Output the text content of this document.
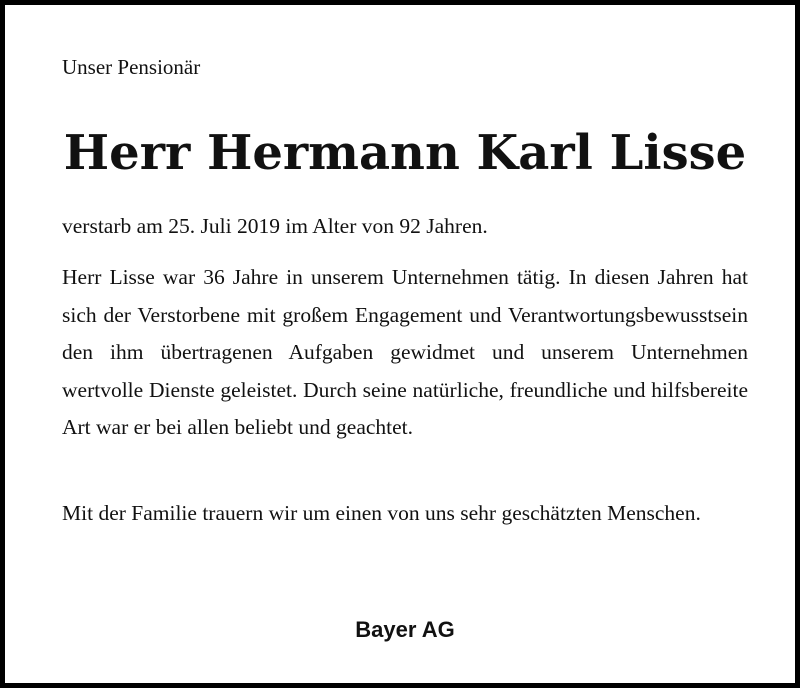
Unser Pensionär

Herr Hermann Karl Lisse

verstarb am 25. Juli 2019 im Alter von 92 Jahren.

Herr Lisse war 36 Jahre in unserem Unternehmen tätig. In diesen Jahren hat sich der Verstorbene mit großem Engagement und Verantwortungsbewusstsein den ihm übertragenen Aufgaben gewidmet und unserem Unternehmen wertvolle Dienste geleistet. Durch seine natürliche, freundliche und hilfsbereite Art war er bei allen beliebt und geachtet.

Mit der Familie trauern wir um einen von uns sehr geschätzten Menschen.

Bayer AG
